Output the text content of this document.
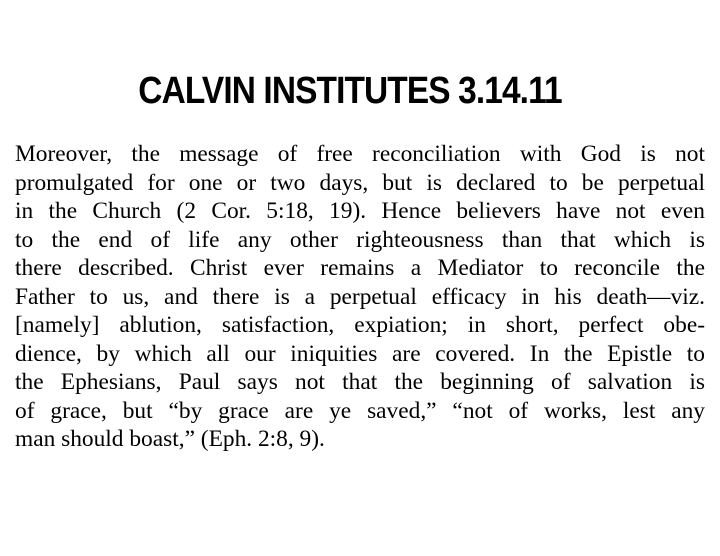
CALVIN INSTITUTES 3.14.11
Moreover, the message of free reconciliation with God is not
promulgated for one or two days, but is declared to be perpetual
in the Church (2 Cor. 5:18, 19). Hence believers have not even
to the end of life any other righteousness than that which is
there described. Christ ever remains a Mediator to reconcile the
Father to us, and there is a perpetual efficacy in his death—viz.
[namely] ablution, satisfaction, expiation; in short, perfect obe-
dience, by which all our iniquities are covered. In the Epistle to
the Ephesians, Paul says not that the beginning of salvation is
of grace, but “by grace are ye saved,” “not of works, lest any
man should boast,” (Eph. 2:8, 9).
